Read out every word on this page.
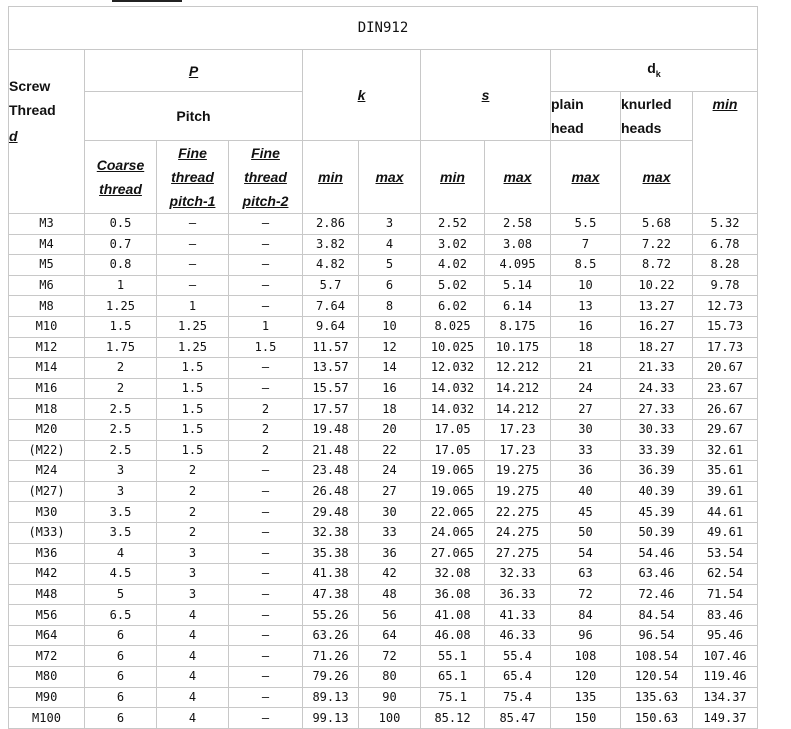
DIN912										

Screw Thread
d	P			k		s		$d_k$
	Pitch							plain head	knurled heads	min

	Coarse thread	Fine thread pitch-1	Fine thread pitch-2	min	max	min	max	max	max	
M3	0.5	–	–	2.86	3	2.52	2.58	5.5	5.68	5.32
M4	0.7	–	–	3.82	4	3.02	3.08	7	7.22	6.78
M5	0.8	–	–	4.82	5	4.02	4.095	8.5	8.72	8.28
M6	1	–	–	5.7	6	5.02	5.14	10	10.22	9.78
M8	1.25	1	–	7.64	8	6.02	6.14	13	13.27	12.73
M10	1.5	1.25	1	9.64	10	8.025	8.175	16	16.27	15.73
M12	1.75	1.25	1.5	11.57	12	10.025	10.175	18	18.27	17.73
M14	2	1.5	–	13.57	14	12.032	12.212	21	21.33	20.67
M16	2	1.5	–	15.57	16	14.032	14.212	24	24.33	23.67
M18	2.5	1.5	2	17.57	18	14.032	14.212	27	27.33	26.67
M20	2.5	1.5	2	19.48	20	17.05	17.23	30	30.33	29.67
(M22)	2.5	1.5	2	21.48	22	17.05	17.23	33	33.39	32.61
M24	3	2	–	23.48	24	19.065	19.275	36	36.39	35.61
(M27)	3	2	–	26.48	27	19.065	19.275	40	40.39	39.61
M30	3.5	2	–	29.48	30	22.065	22.275	45	45.39	44.61
(M33)	3.5	2	–	32.38	33	24.065	24.275	50	50.39	49.61
M36	4	3	–	35.38	36	27.065	27.275	54	54.46	53.54
M42	4.5	3	–	41.38	42	32.08	32.33	63	63.46	62.54
M48	5	3	–	47.38	48	36.08	36.33	72	72.46	71.54
M56	6.5	4	–	55.26	56	41.08	41.33	84	84.54	83.46
M64	6	4	–	63.26	64	46.08	46.33	96	96.54	95.46
M72	6	4	–	71.26	72	55.1	55.4	108	108.54	107.46
M80	6	4	–	79.26	80	65.1	65.4	120	120.54	119.46
M90	6	4	–	89.13	90	75.1	75.4	135	135.63	134.37
M100	6	4	–	99.13	100	85.12	85.47	150	150.63	149.37
